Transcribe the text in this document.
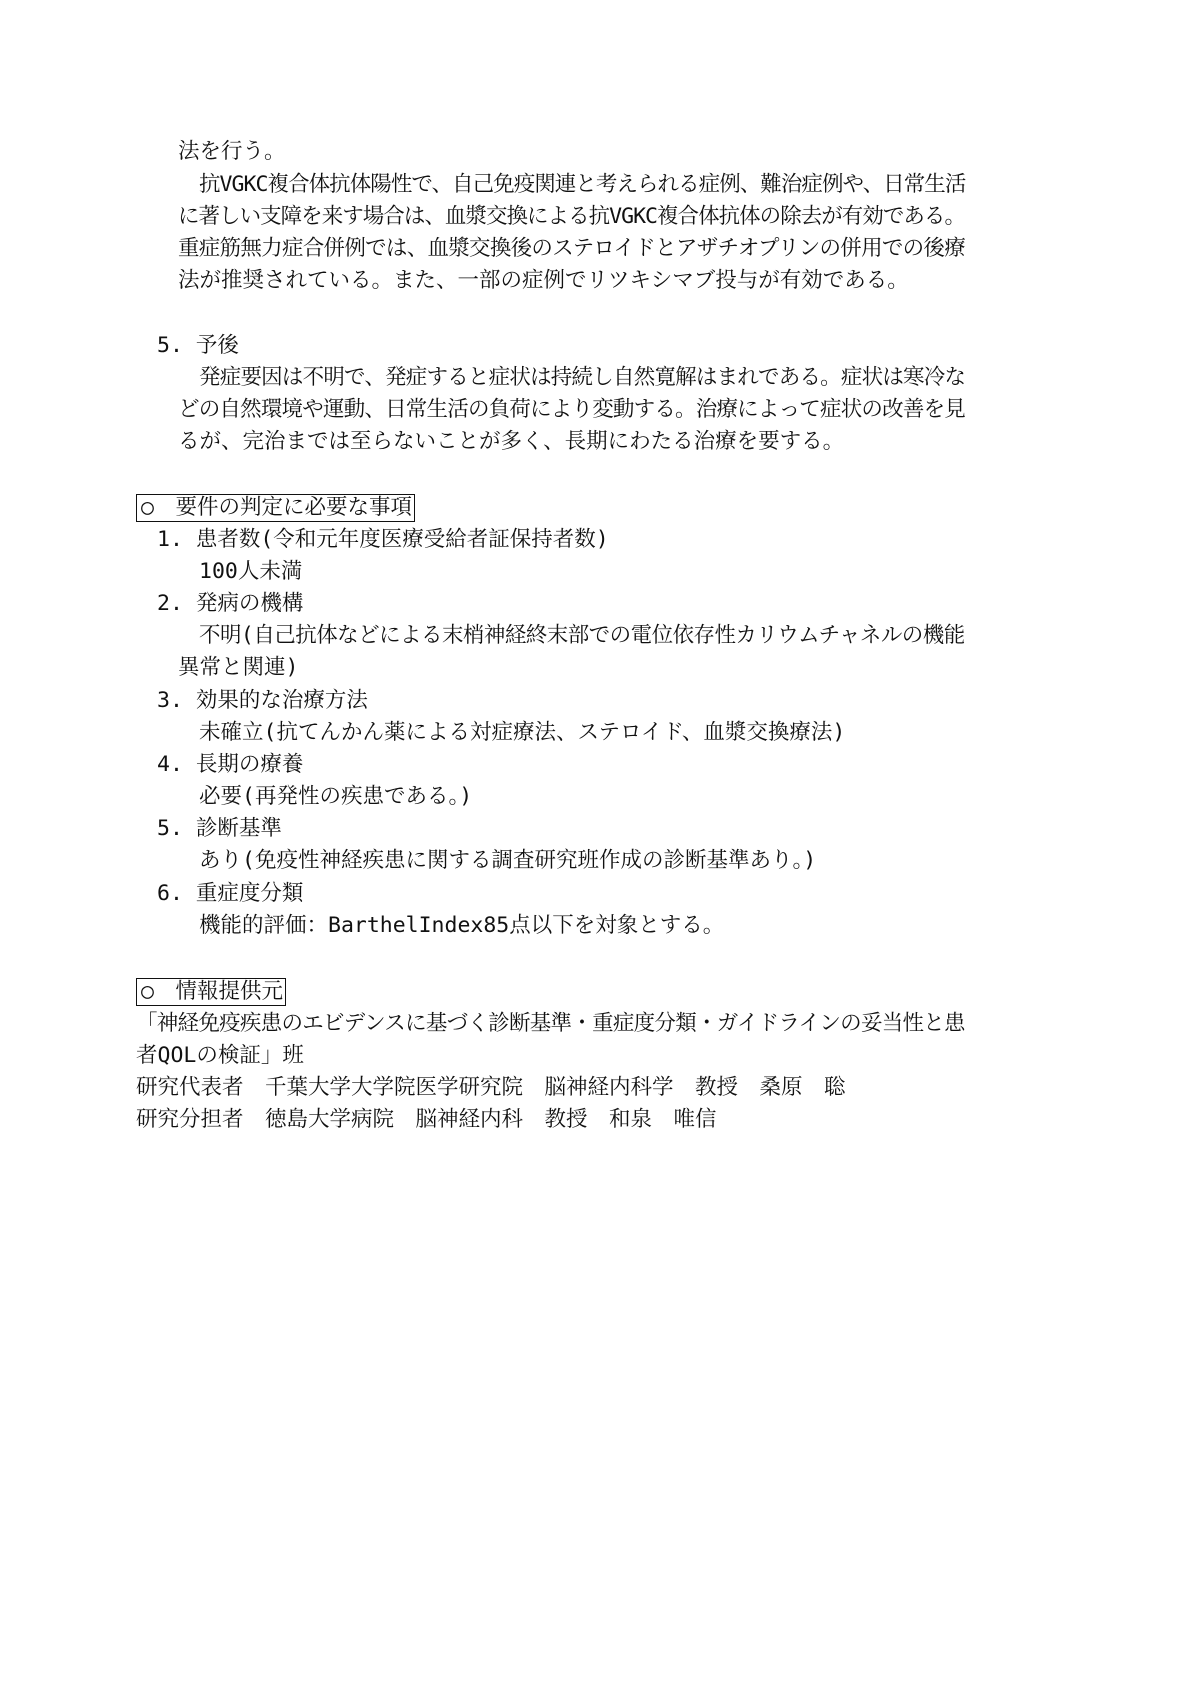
法を行う。
抗VGKC複合体抗体陽性で、自己免疫関連と考えられる症例、難治症例や、日常生活
に著しい支障を来す場合は、血漿交換による抗VGKC複合体抗体の除去が有効である。
重症筋無力症合併例では、血漿交換後のステロイドとアザチオプリンの併用での後療
法が推奨されている。また、一部の症例でリツキシマブ投与が有効である。
5. 予後
発症要因は不明で、発症すると症状は持続し自然寛解はまれである。症状は寒冷な
どの自然環境や運動、日常生活の負荷により変動する。治療によって症状の改善を見
るが、完治までは至らないことが多く、長期にわたる治療を要する。
○　要件の判定に必要な事項
1. 患者数(令和元年度医療受給者証保持者数)
100人未満
2. 発病の機構
不明(自己抗体などによる末梢神経終末部での電位依存性カリウムチャネルの機能
異常と関連)
3. 効果的な治療方法
未確立(抗てんかん薬による対症療法、ステロイド、血漿交換療法)
4. 長期の療養
必要(再発性の疾患である。)
5. 診断基準
あり(免疫性神経疾患に関する調査研究班作成の診断基準あり。)
6. 重症度分類
機能的評価：BarthelIndex85点以下を対象とする。
○　情報提供元
「神経免疫疾患のエビデンスに基づく診断基準・重症度分類・ガイドラインの妥当性と患
者QOLの検証」班
研究代表者　千葉大学大学院医学研究院　脳神経内科学　教授　桑原　聡
研究分担者　徳島大学病院　脳神経内科　教授　和泉　唯信
